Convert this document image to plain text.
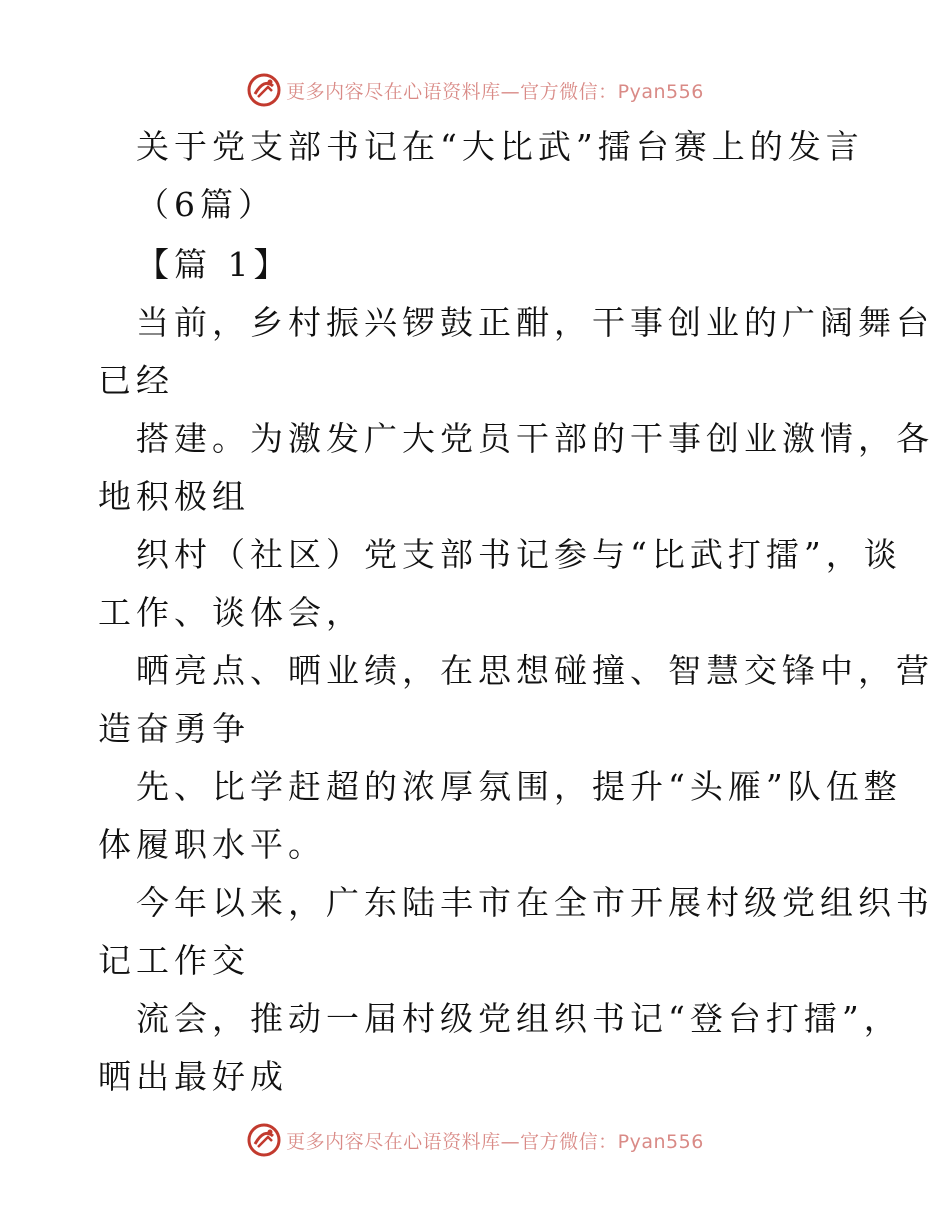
更多内容尽在心语资料库—官方微信：Pyan556
关于党支部书记在“大比武”擂台赛上的发言
（6篇）
【篇 1】
当前，乡村振兴锣鼓正酣，干事创业的广阔舞台
已经
搭建。为激发广大党员干部的干事创业激情，各
地积极组
织村（社区）党支部书记参与“比武打擂”，谈
工作、谈体会，
晒亮点、晒业绩，在思想碰撞、智慧交锋中，营
造奋勇争
先、比学赶超的浓厚氛围，提升“头雁”队伍整
体履职水平。
今年以来，广东陆丰市在全市开展村级党组织书
记工作交
流会，推动一届村级党组织书记“登台打擂”，
晒出最好成
更多内容尽在心语资料库—官方微信：Pyan556
